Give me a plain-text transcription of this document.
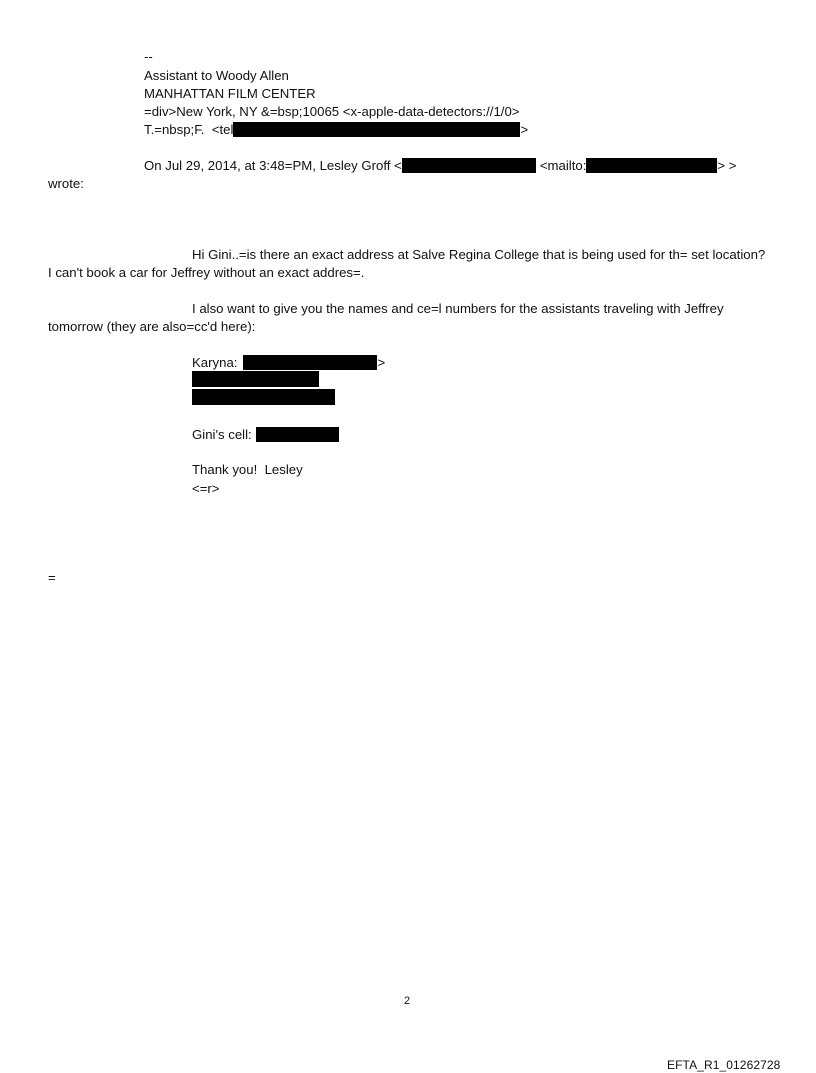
--
Assistant to Woody Allen
MANHATTAN FILM CENTER
=div>New York, NY &=bsp;10065 <x-apple-data-detectors://1/0>
T.=nbsp;F.  <tel	>
On Jul 29, 2014, at 3:48=PM, Lesley Groff <	<mailto:	> >
wrote:
Hi Gini..=is there an exact address at Salve Regina College that is being used for th= set location?
I can't book a car for Jeffrey without an exact addres=.
I also want to give you the names and ce=l numbers for the assistants traveling with Jeffrey
tomorrow (they are also=cc'd here):
Karyna:	>
Gini's cell:
Thank you!  Lesley
<=r>
=
2
EFTA_R1_01262728
